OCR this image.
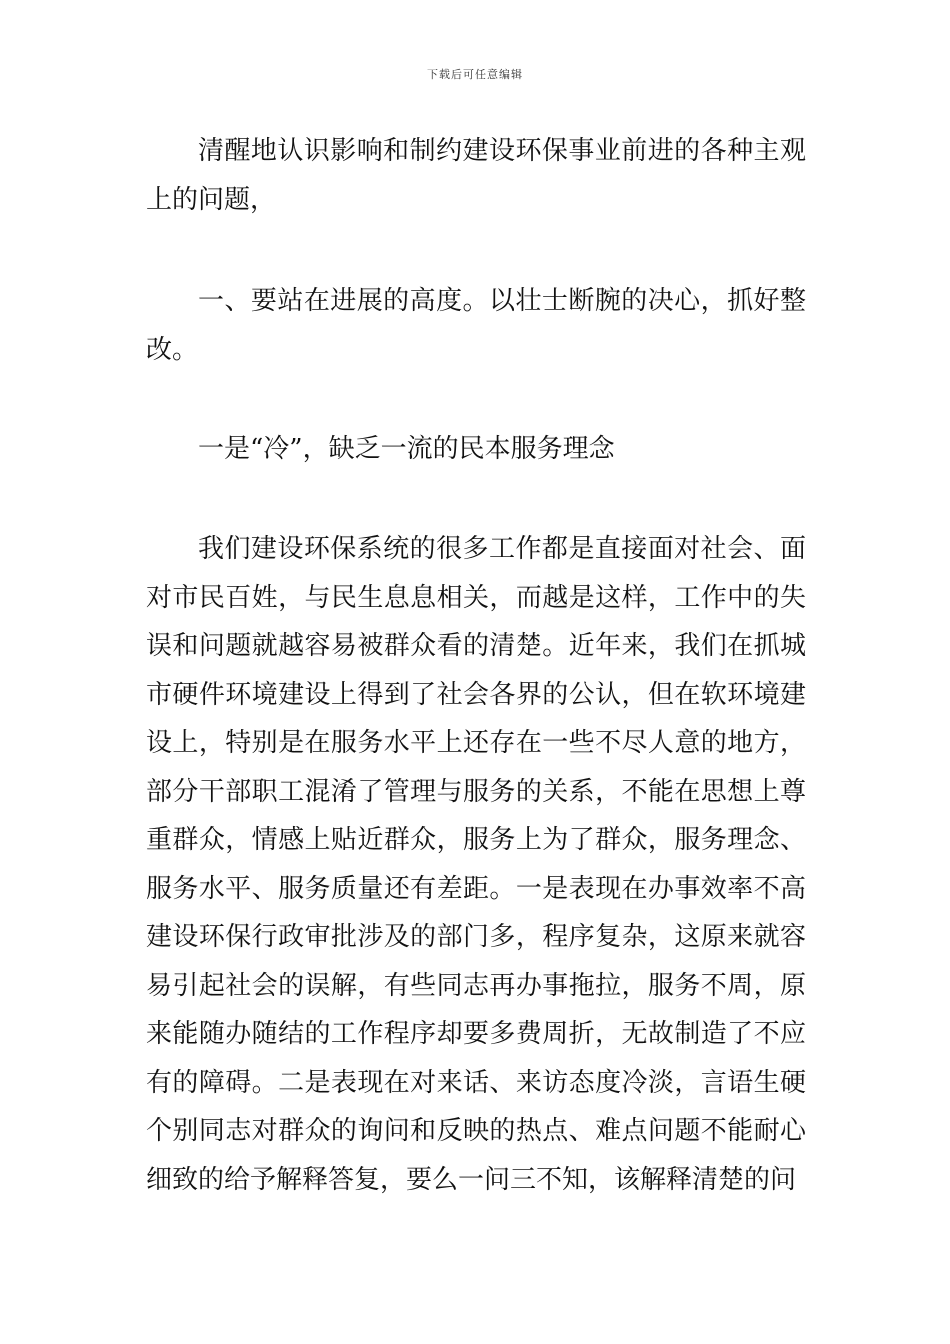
下载后可任意编辑

清醒地认识影响和制约建设环保事业前进的各种主观上的问题，

一、要站在进展的高度。以壮士断腕的决心，抓好整改。

一是“冷”，缺乏一流的民本服务理念

我们建设环保系统的很多工作都是直接面对社会、面对市民百姓，与民生息息相关，而越是这样，工作中的失误和问题就越容易被群众看的清楚。近年来，我们在抓城市硬件环境建设上得到了社会各界的公认，但在软环境建设上，特别是在服务水平上还存在一些不尽人意的地方，部分干部职工混淆了管理与服务的关系，不能在思想上尊重群众，情感上贴近群众，服务上为了群众，服务理念、服务水平、服务质量还有差距。一是表现在办事效率不高建设环保行政审批涉及的部门多，程序复杂，这原来就容易引起社会的误解，有些同志再办事拖拉，服务不周，原来能随办随结的工作程序却要多费周折，无故制造了不应有的障碍。二是表现在对来话、来访态度冷淡，言语生硬个别同志对群众的询问和反映的热点、难点问题不能耐心细致的给予解释答复，要么一问三不知，该解释清楚的问
